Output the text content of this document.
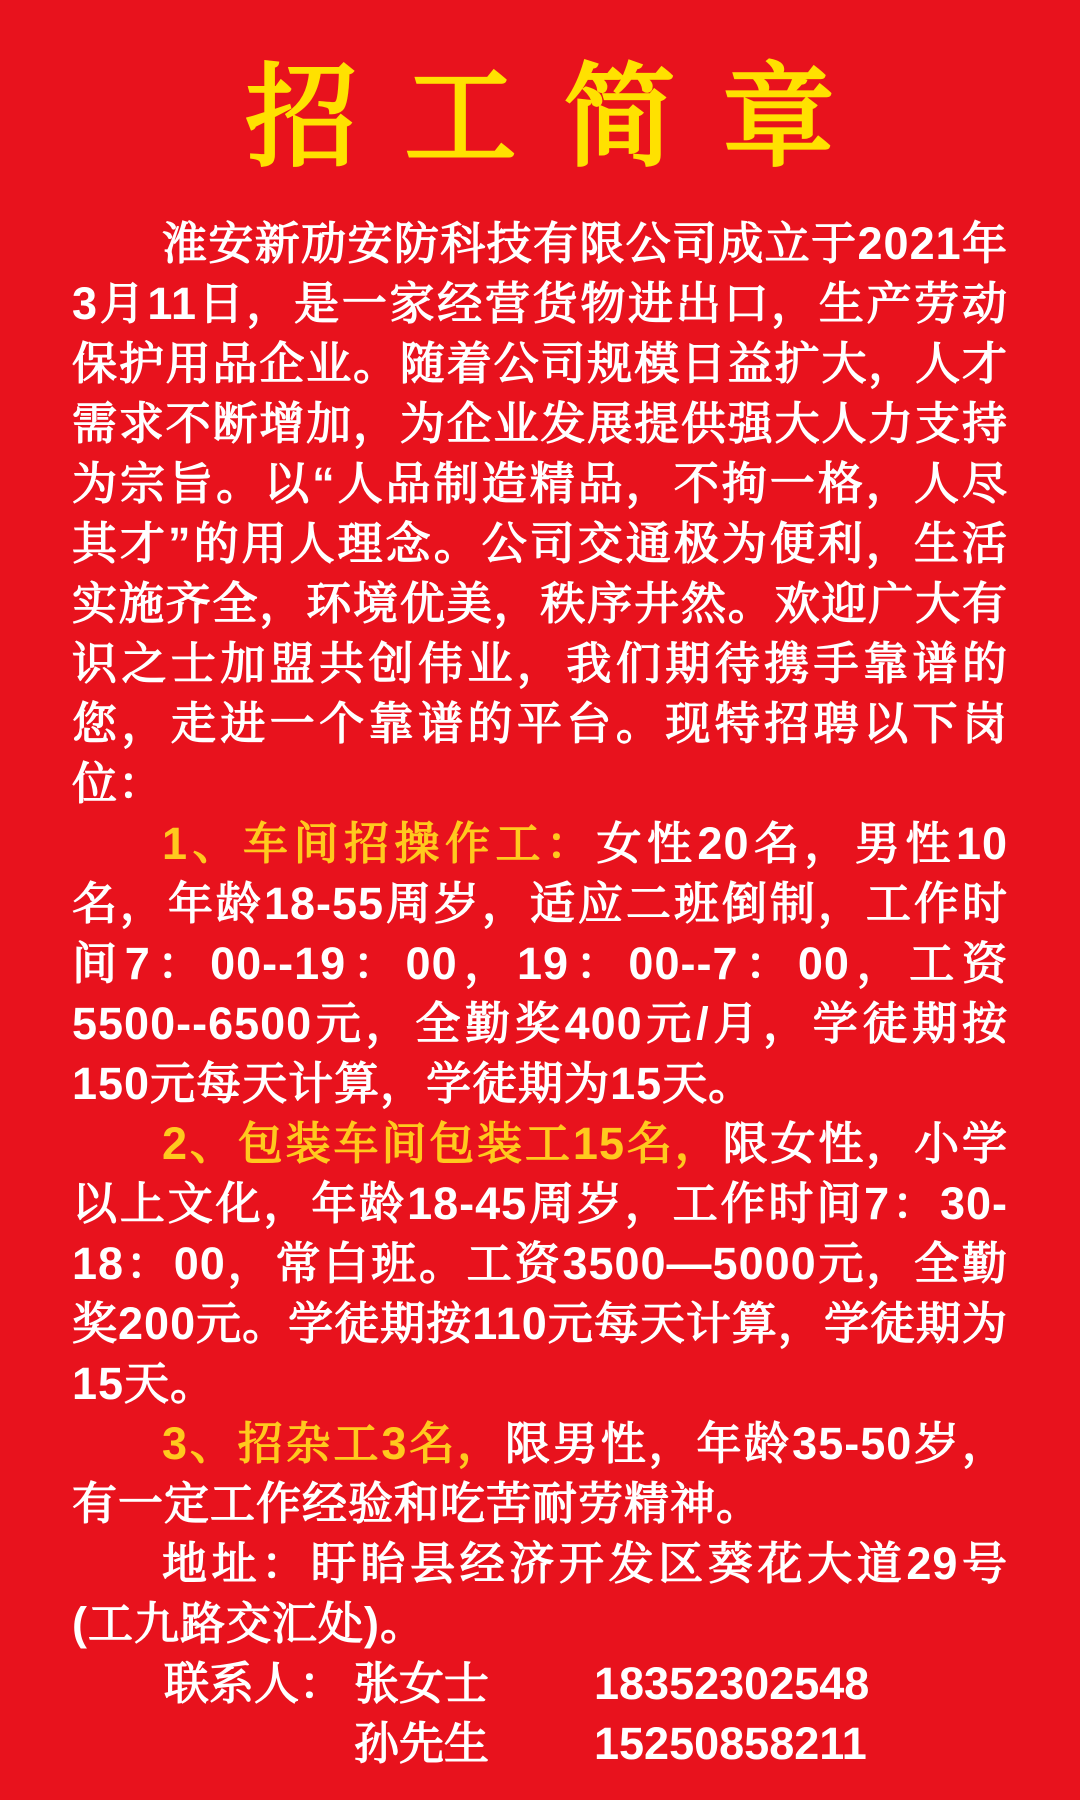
招工简章

淮安新劢安防科技有限公司成立于2021年3月11日，是一家经营货物进出口，生产劳动保护用品企业。随着公司规模日益扩大，人才需求不断增加，为企业发展提供强大人力支持为宗旨。以“人品制造精品，不拘一格，人尽其才”的用人理念。公司交通极为便利，生活实施齐全，环境优美，秩序井然。欢迎广大有识之士加盟共创伟业，我们期待携手靠谱的您，走进一个靠谱的平台。现特招聘以下岗位：

1、车间招操作工：女性20名，男性10名，年龄18-55周岁，适应二班倒制，工作时间7：00--19：00，19：00--7：00，工资5500--6500元，全勤奖400元/月，学徒期按150元每天计算，学徒期为15天。

2、包装车间包装工15名，限女性，小学以上文化，年龄18-45周岁，工作时间7：30-18：00，常白班。工资3500—5000元，全勤奖200元。学徒期按110元每天计算，学徒期为15天。

3、招杂工3名，限男性，年龄35-50岁，有一定工作经验和吃苦耐劳精神。

地址：盱眙县经济开发区葵花大道29号(工九路交汇处)。

联系人： 张女士 18352302548
孙先生 15250858211
